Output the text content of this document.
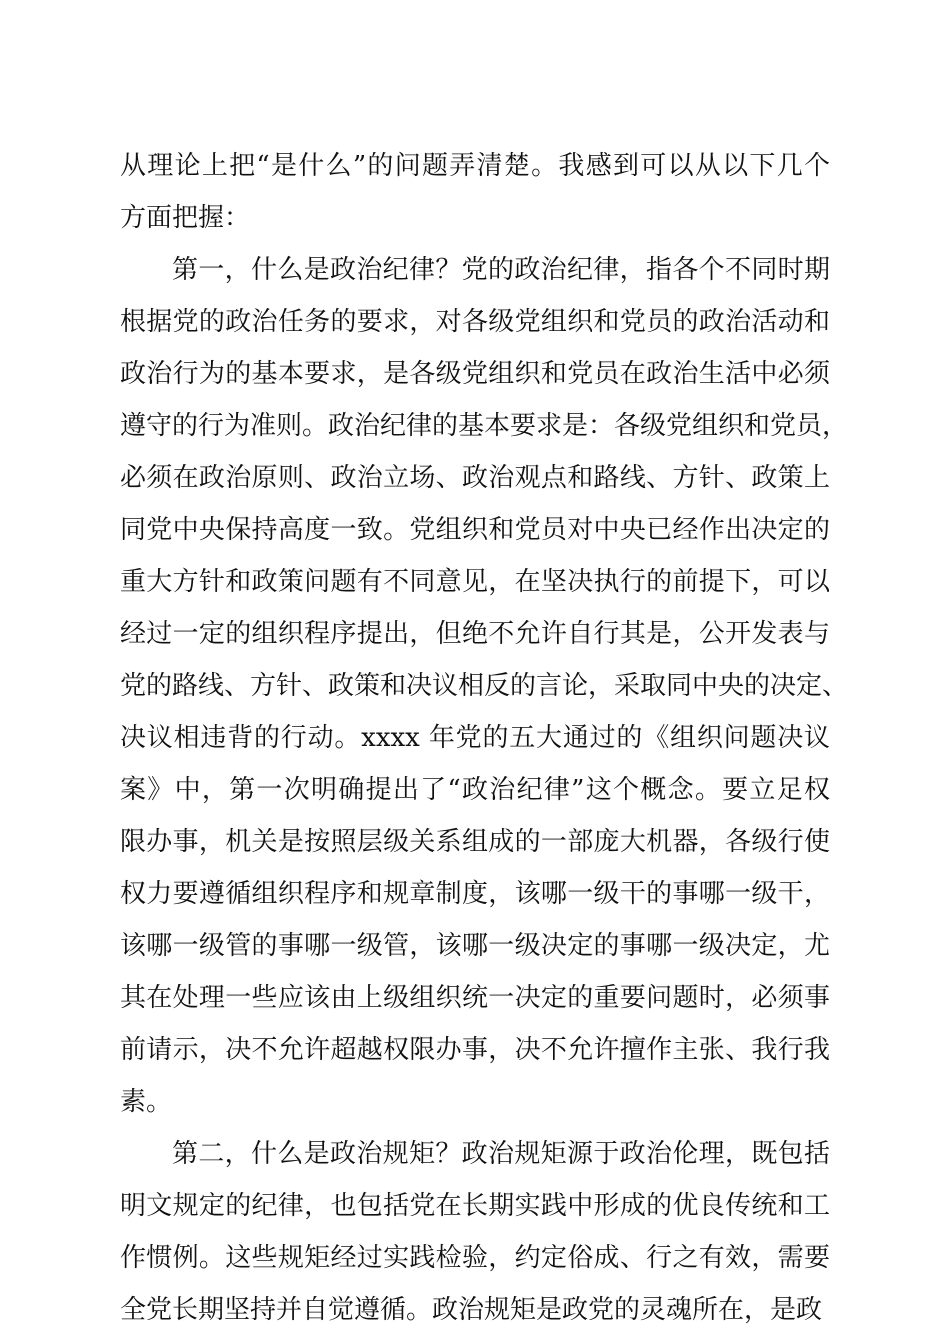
从理论上把“是什么”的问题弄清楚。我感到可以从以下几个
方面把握：
第一，什么是政治纪律？党的政治纪律，指各个不同时期
根据党的政治任务的要求，对各级党组织和党员的政治活动和
政治行为的基本要求，是各级党组织和党员在政治生活中必须
遵守的行为准则。政治纪律的基本要求是：各级党组织和党员，
必须在政治原则、政治立场、政治观点和路线、方针、政策上
同党中央保持高度一致。党组织和党员对中央已经作出决定的
重大方针和政策问题有不同意见，在坚决执行的前提下，可以
经过一定的组织程序提出，但绝不允许自行其是，公开发表与
党的路线、方针、政策和决议相反的言论，采取同中央的决定、
决议相违背的行动。xxxx 年党的五大通过的《组织问题决议
案》中，第一次明确提出了“政治纪律”这个概念。要立足权
限办事，机关是按照层级关系组成的一部庞大机器，各级行使
权力要遵循组织程序和规章制度，该哪一级干的事哪一级干，
该哪一级管的事哪一级管，该哪一级决定的事哪一级决定，尤
其在处理一些应该由上级组织统一决定的重要问题时，必须事
前请示，决不允许超越权限办事，决不允许擅作主张、我行我
素。
第二，什么是政治规矩？政治规矩源于政治伦理，既包括
明文规定的纪律，也包括党在长期实践中形成的优良传统和工
作惯例。这些规矩经过实践检验，约定俗成、行之有效，需要
全党长期坚持并自觉遵循。政治规矩是政党的灵魂所在，是政
